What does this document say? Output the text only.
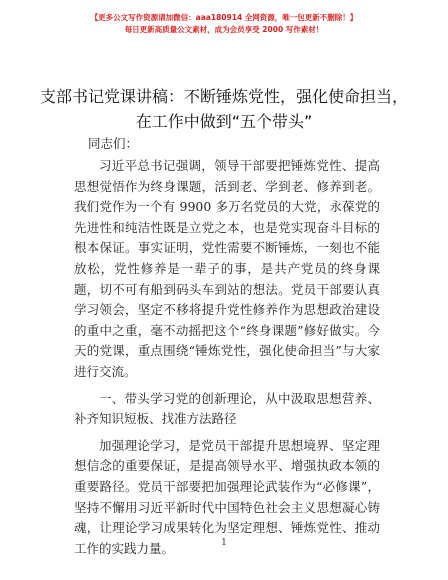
【更多公文写作资源请加微信：aaa180914 全网资源，唯一包更新不删除！】
每日更新高质量公文素材，成为会员享受 2000 写作素材！
支部书记党课讲稿：不断锤炼党性，强化使命担当，在工作中做到“五个带头”
同志们：

习近平总书记强调，领导干部要把锤炼党性、提高思想觉悟作为终身课题，活到老、学到老、修养到老。我们党作为一个有 9900 多万名党员的大党，永葆党的先进性和纯洁性既是立党之本，也是党实现奋斗目标的根本保证。事实证明，党性需要不断锤炼，一刻也不能放松，党性修养是一辈子的事，是共产党员的终身课题，切不可有船到码头车到站的想法。党员干部要认真学习领会，坚定不移将提升党性修养作为思想政治建设的重中之重，毫不动摇把这个“终身课题”修好做实。今天的党课，重点围绕“锤炼党性，强化使命担当”与大家进行交流。

一、带头学习党的创新理论，从中汲取思想营养、补齐知识短板、找准方法路径

加强理论学习，是党员干部提升思想境界、坚定理想信念的重要保证，是提高领导水平、增强执政本领的重要路径。党员干部要把加强理论武装作为“必修课”，坚持不懈用习近平新时代中国特色社会主义思想凝心铸魂，让理论学习成果转化为坚定理想、锤炼党性、推动工作的实践力量。	1
